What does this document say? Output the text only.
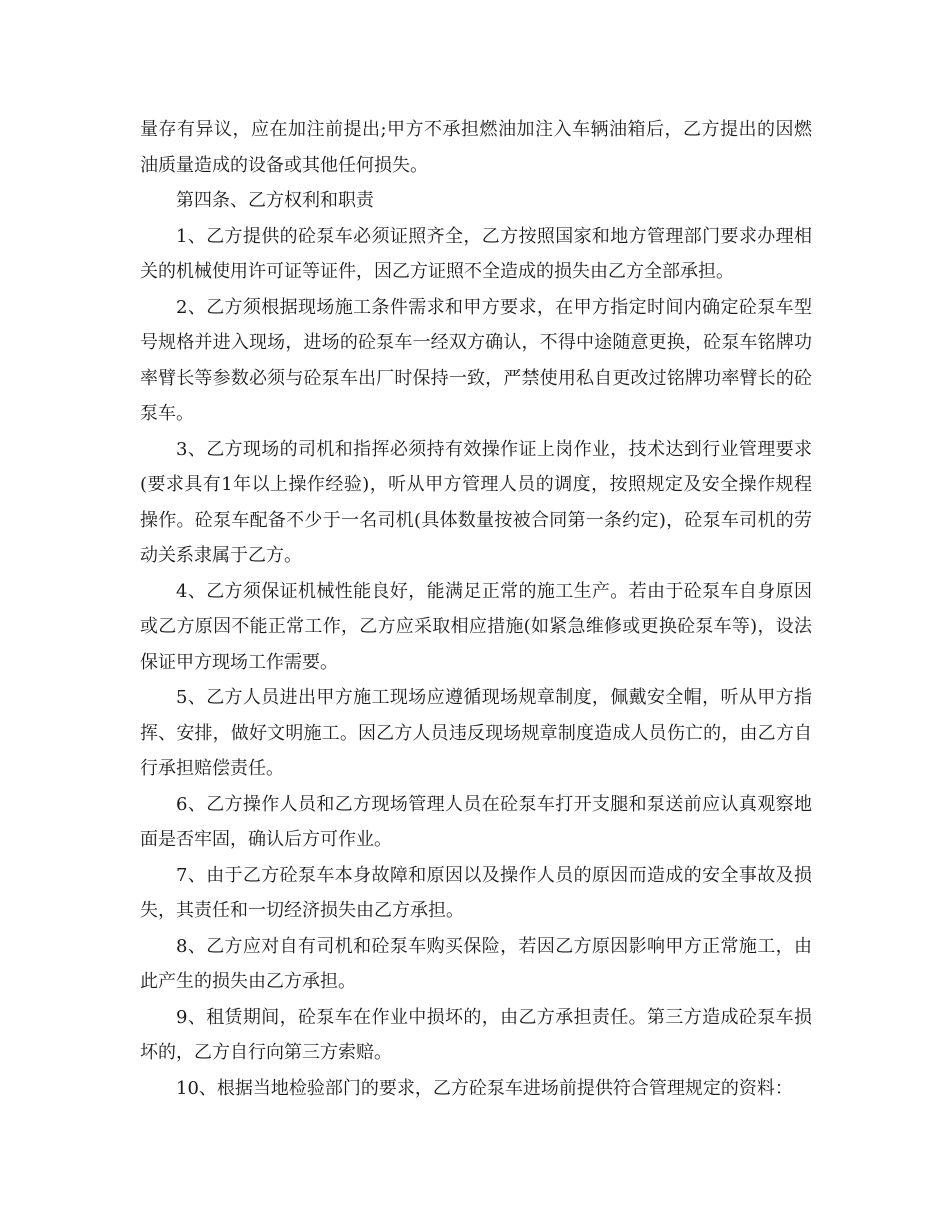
量存有异议，应在加注前提出;甲方不承担燃油加注入车辆油箱后，乙方提出的因燃油质量造成的设备或其他任何损失。

第四条、乙方权利和职责

1、乙方提供的砼泵车必须证照齐全，乙方按照国家和地方管理部门要求办理相关的机械使用许可证等证件，因乙方证照不全造成的损失由乙方全部承担。

2、乙方须根据现场施工条件需求和甲方要求，在甲方指定时间内确定砼泵车型号规格并进入现场，进场的砼泵车一经双方确认，不得中途随意更换，砼泵车铭牌功率臂长等参数必须与砼泵车出厂时保持一致，严禁使用私自更改过铭牌功率臂长的砼泵车。

3、乙方现场的司机和指挥必须持有效操作证上岗作业，技术达到行业管理要求(要求具有1年以上操作经验)，听从甲方管理人员的调度，按照规定及安全操作规程操作。砼泵车配备不少于一名司机(具体数量按被合同第一条约定)，砼泵车司机的劳动关系隶属于乙方。

4、乙方须保证机械性能良好，能满足正常的施工生产。若由于砼泵车自身原因或乙方原因不能正常工作，乙方应采取相应措施(如紧急维修或更换砼泵车等)，设法保证甲方现场工作需要。

5、乙方人员进出甲方施工现场应遵循现场规章制度，佩戴安全帽，听从甲方指挥、安排，做好文明施工。因乙方人员违反现场规章制度造成人员伤亡的，由乙方自行承担赔偿责任。

6、乙方操作人员和乙方现场管理人员在砼泵车打开支腿和泵送前应认真观察地面是否牢固，确认后方可作业。

7、由于乙方砼泵车本身故障和原因以及操作人员的原因而造成的安全事故及损失，其责任和一切经济损失由乙方承担。

8、乙方应对自有司机和砼泵车购买保险，若因乙方原因影响甲方正常施工，由此产生的损失由乙方承担。

9、租赁期间，砼泵车在作业中损坏的，由乙方承担责任。第三方造成砼泵车损坏的，乙方自行向第三方索赔。

10、根据当地检验部门的要求，乙方砼泵车进场前提供符合管理规定的资料：
